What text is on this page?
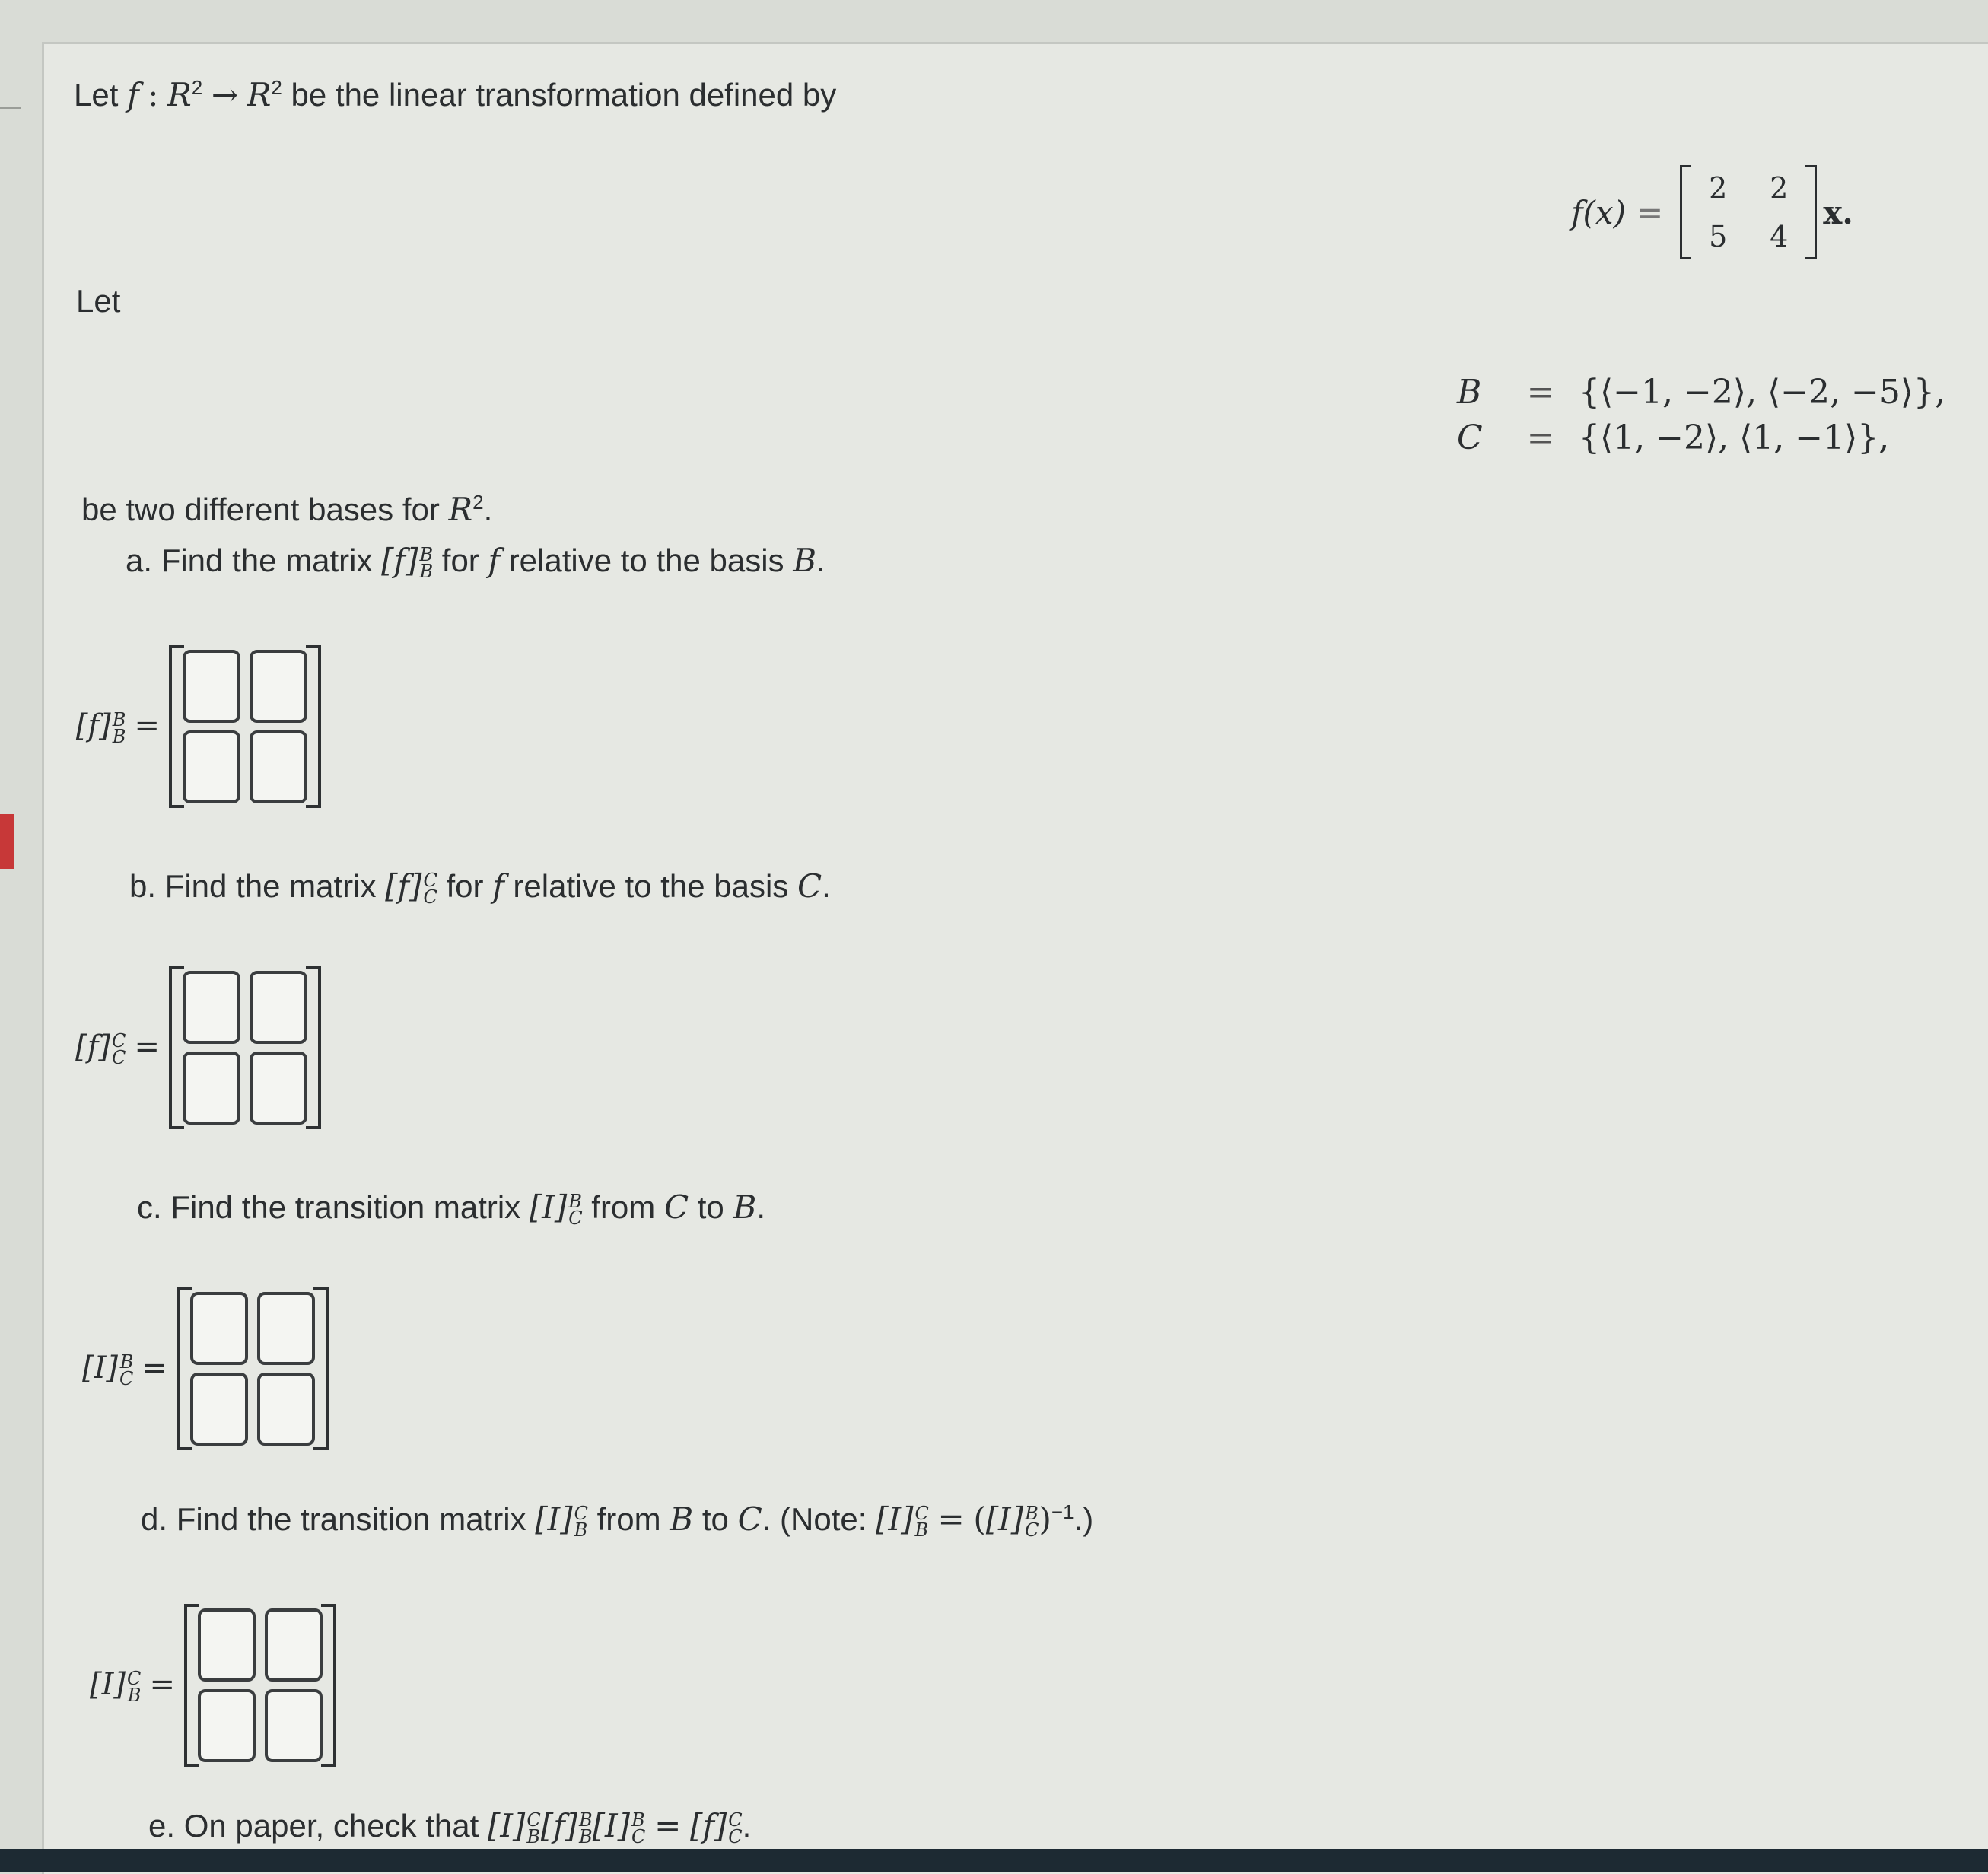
Let f : $R^2 \to R^2$ be the linear transformation defined by
f(x) =
2 2
5 4
x.
Let
B	= {⟨−1, −2⟩, ⟨−2, −5⟩},
C	= {⟨1, −2⟩, ⟨1, −1⟩},
be two different bases for $R^2$.
a. Find the matrix [f] B
B for f relative to the basis B.
[f] B
B =
b. Find the matrix [f] C
C for f relative to the basis C.
[f] C
C =
c. Find the transition matrix [I] B
C from C to B.
[I] B
C =
d. Find the transition matrix [I] C
B from B to C. (Note: [I] C
B = ([I] B
C )$^{-1}$.)
[I] C
B =
e. On paper, check that [I] C
B [f] B
B [I] B
C = [f] C
C .
